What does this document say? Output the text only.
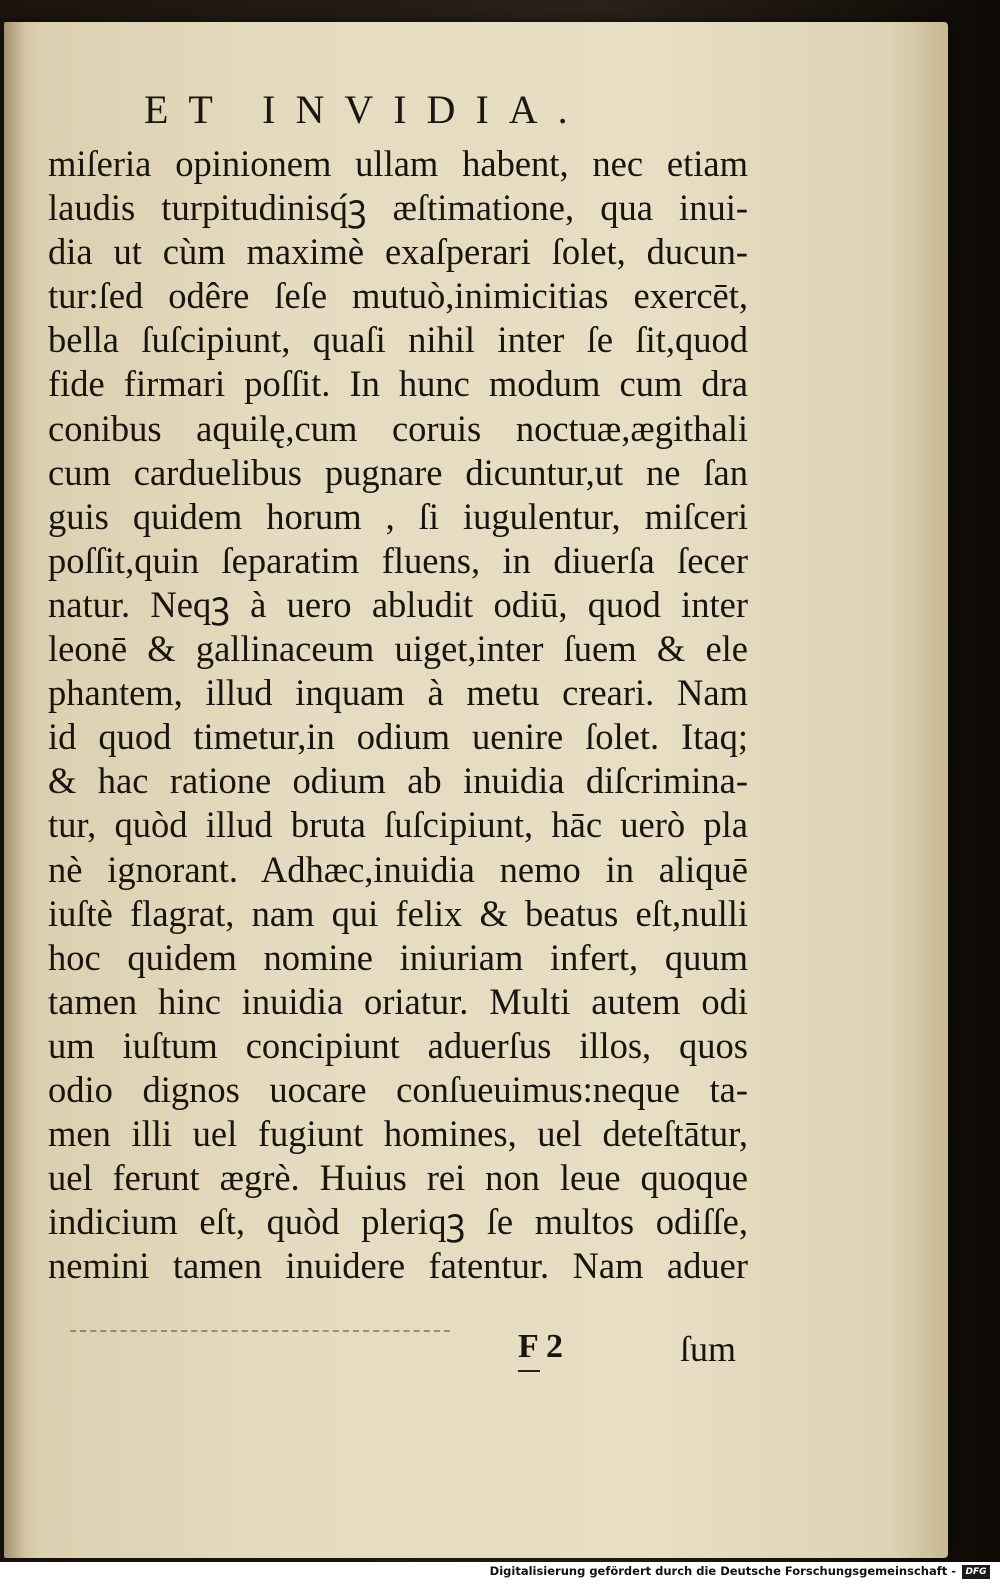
ET INVIDIA.
miſeria opinionem ullam habent, nec etiam
laudis turpitudinisq́ꝫ æſtimatione, qua inui-
dia ut cùm maximè exaſperari ſolet, ducun-
tur:ſed odêre ſeſe mutuò,inimicitias exercēt,
bella ſuſcipiunt, quaſi nihil inter ſe ſit,quod
fide firmari poſſit. In hunc modum cum dra
conibus aquilę,cum coruis noctuæ,ægithali
cum carduelibus pugnare dicuntur,ut ne ſan
guis quidem horum , ſi iugulentur, miſceri
poſſit,quin ſeparatim fluens, in diuerſa ſecer
natur. Neqꝫ à uero abludit odiū, quod inter
leonē & gallinaceum uiget,inter ſuem & ele
phantem, illud inquam à metu creari. Nam
id quod timetur,in odium uenire ſolet. Itaq;
& hac ratione odium ab inuidia diſcrimina-
tur, quòd illud bruta ſuſcipiunt, hāc uerò pla
nè ignorant. Adhæc,inuidia nemo in aliquē
iuſtè flagrat, nam qui felix & beatus eſt,nulli
hoc quidem nomine iniuriam infert, quum
tamen hinc inuidia oriatur. Multi autem odi
um iuſtum concipiunt aduerſus illos, quos
odio dignos uocare conſueuimus:neque ta-
men illi uel fugiunt homines, uel deteſtātur,
uel ferunt ægrè. Huius rei non leue quoque
indicium eſt, quòd pleriqꝫ ſe multos odiſſe,
nemini tamen inuidere fatentur. Nam aduer
F 2	ſum
Digitalisierung gefördert durch die Deutsche Forschungsgemeinschaft -	DFG
